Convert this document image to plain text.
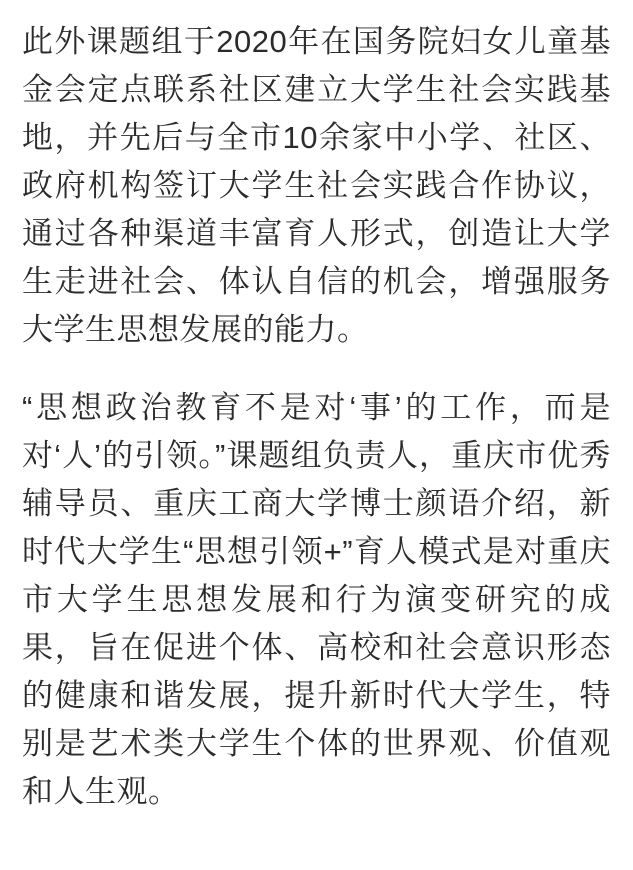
此外课题组于2020年在国务院妇女儿童基金会定点联系社区建立大学生社会实践基地，并先后与全市10余家中小学、社区、政府机构签订大学生社会实践合作协议，通过各种渠道丰富育人形式，创造让大学生走进社会、体认自信的机会，增强服务大学生思想发展的能力。

“思想政治教育不是对‘事’的工作，而是对‘人’的引领。”课题组负责人，重庆市优秀辅导员、重庆工商大学博士颜语介绍，新时代大学生“思想引领+”育人模式是对重庆市大学生思想发展和行为演变研究的成果，旨在促进个体、高校和社会意识形态的健康和谐发展，提升新时代大学生，特别是艺术类大学生个体的世界观、价值观和人生观。
